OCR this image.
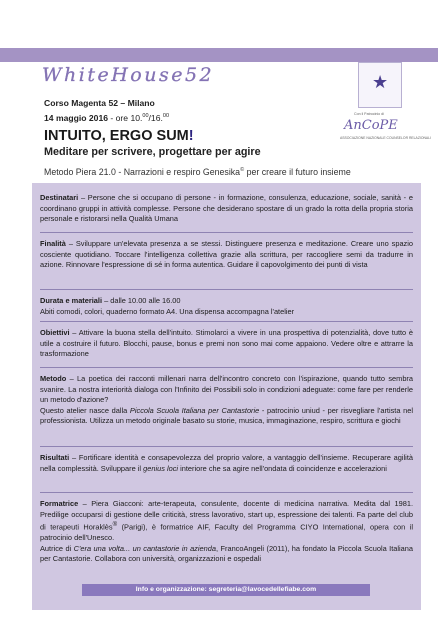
WhiteHouse52
Corso Magenta 52 – Milano
14 maggio 2016 - ore 10.00/16.00
★
Con il Patrocinio di
AnCoPE
ASSOCIAZIONE NAZIONALE COUNSELOR RELAZIONALI
INTUITO, ERGO SUM!
Meditare per scrivere, progettare per agire
Metodo Piera 21.0 - Narrazioni e respiro Genesika© per creare il futuro insieme
Destinatari – Persone che si occupano di persone - in formazione, consulenza, educazione, sociale, sanità - e coordinano gruppi in attività complesse. Persone che desiderano spostare di un grado la rotta della propria storia personale e ristorarsi nella Qualità Umana
Finalità – Sviluppare un'elevata presenza a se stessi. Distinguere presenza e meditazione. Creare uno spazio cosciente quotidiano. Toccare l'intelligenza collettiva grazie alla scrittura, per raccogliere semi da tradurre in azione. Rinnovare l'espressione di sé in forma autentica. Guidare il capovolgimento dei punti di vista
Durata e materiali – dalle 10.00 alle 16.00
Abiti comodi, colori, quaderno formato A4. Una dispensa accompagna l'atelier
Obiettivi – Attivare la buona stella dell'intuito. Stimolarci a vivere in una prospettiva di potenzialità, dove tutto è utile a costruire il futuro. Blocchi, pause, bonus e premi non sono mai come appaiono. Vedere oltre e attrarre la trasformazione
Metodo – La poetica dei racconti millenari narra dell'incontro concreto con l'ispirazione, quando tutto sembra svanire. La nostra interiorità dialoga con l'Infinito dei Possibili solo in condizioni adeguate: come fare per renderle un metodo d'azione?
Questo atelier nasce dalla Piccola Scuola Italiana per Cantastorie - patrocinio uniud - per risvegliare l'artista nel professionista. Utilizza un metodo originale basato su storie, musica, immaginazione, respiro, scrittura e giochi
Risultati – Fortificare identità e consapevolezza del proprio valore, a vantaggio dell'insieme. Recuperare agilità nella complessità. Sviluppare il genius loci interiore che sa agire nell'ondata di coincidenze e accelerazioni
Formatrice – Piera Giacconi: arte-terapeuta, consulente, docente di medicina narrativa. Medita dal 1981. Predilige occuparsi di gestione delle criticità, stress lavorativo, start up, espressione dei talenti. Fa parte del club di terapeuti Horaklès® (Parigi), è formatrice AIF, Faculty del Programma CIYO International, opera con il patrocinio dell'Unesco.
Autrice di C'era una volta... un cantastorie in azienda, FrancoAngeli (2011), ha fondato la Piccola Scuola Italiana per Cantastorie. Collabora con università, organizzazioni e ospedali
Info e organizzazione: segreteria@lavocedellefiabe.com
